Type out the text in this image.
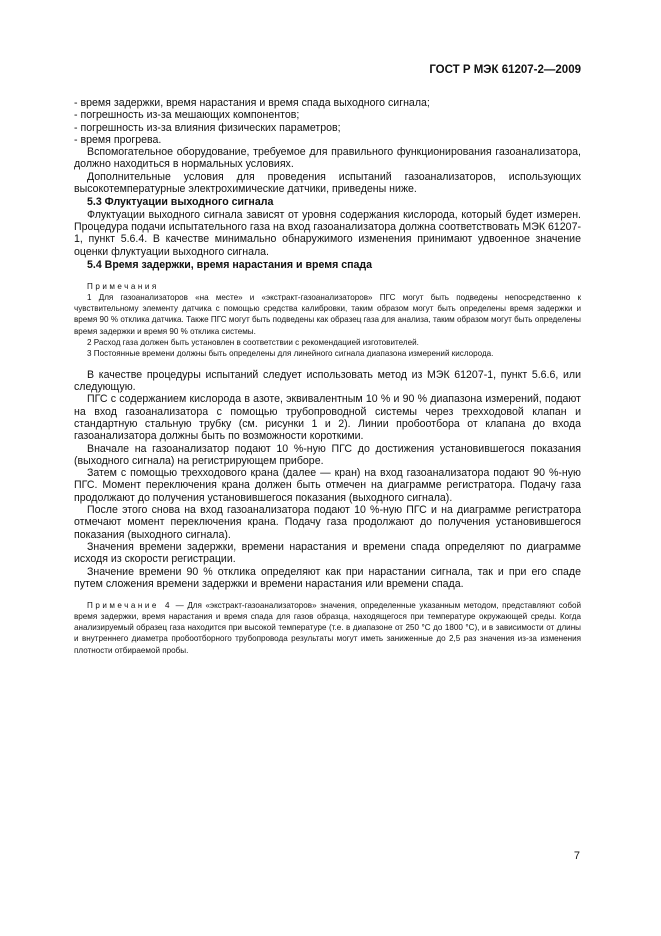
ГОСТ Р МЭК 61207-2—2009

- время задержки, время нарастания и время спада выходного сигнала;

- погрешность из-за мешающих компонентов;

- погрешность из-за влияния физических параметров;

- время прогрева.

Вспомогательное оборудование, требуемое для правильного функционирования газоанализатора, должно находиться в нормальных условиях.

Дополнительные условия для проведения испытаний газоанализаторов, использующих высокотемпературные электрохимические датчики, приведены ниже.

5.3 Флуктуации выходного сигнала

Флуктуации выходного сигнала зависят от уровня содержания кислорода, который будет измерен. Процедура подачи испытательного газа на вход газоанализатора должна соответствовать МЭК 61207-1, пункт 5.6.4. В качестве минимально обнаружимого изменения принимают удвоенное значение оценки флуктуации выходного сигнала.

5.4 Время задержки, время нарастания и время спада

Примечания

1 Для газоанализаторов «на месте» и «экстракт-газоанализаторов» ПГС могут быть подведены непосредственно к чувствительному элементу датчика с помощью средства калибровки, таким образом могут быть определены время задержки и время 90 % отклика датчика. Также ПГС могут быть подведены как образец газа для анализа, таким образом могут быть определены время задержки и время 90 % отклика системы.

2 Расход газа должен быть установлен в соответствии с рекомендацией изготовителей.

3 Постоянные времени должны быть определены для линейного сигнала диапазона измерений кислорода.

В качестве процедуры испытаний следует использовать метод из МЭК 61207-1, пункт 5.6.6, или следующую.

ПГС с содержанием кислорода в азоте, эквивалентным 10 % и 90 % диапазона измерений, подают на вход газоанализатора с помощью трубопроводной системы через трехходовой клапан и стандартную стальную трубку (см. рисунки 1 и 2). Линии пробоотбора от клапана до входа газоанализатора должны быть по возможности короткими.

Вначале на газоанализатор подают 10 %-ную ПГС до достижения установившегося показания (выходного сигнала) на регистрирующем приборе.

Затем с помощью трехходового крана (далее — кран) на вход газоанализатора подают 90 %-ную ПГС. Момент переключения крана должен быть отмечен на диаграмме регистратора. Подачу газа продолжают до получения установившегося показания (выходного сигнала).

После этого снова на вход газоанализатора подают 10 %-ную ПГС и на диаграмме регистратора отмечают момент переключения крана. Подачу газа продолжают до получения установившегося показания (выходного сигнала).

Значения времени задержки, времени нарастания и времени спада определяют по диаграмме исходя из скорости регистрации.

Значение времени 90 % отклика определяют как при нарастании сигнала, так и при его спаде путем сложения времени задержки и времени нарастания или времени спада.

Примечание 4 — Для «экстракт-газоанализаторов» значения, определенные указанным методом, представляют собой время задержки, время нарастания и время спада для газов образца, находящегося при температуре окружающей среды. Когда анализируемый образец газа находится при высокой температуре (т.е. в диапазоне от 250 °C до 1800 °C), и в зависимости от длины и внутреннего диаметра пробоотборного трубопровода результаты могут иметь заниженные до 2,5 раз значения из-за изменения плотности отбираемой пробы.

7
